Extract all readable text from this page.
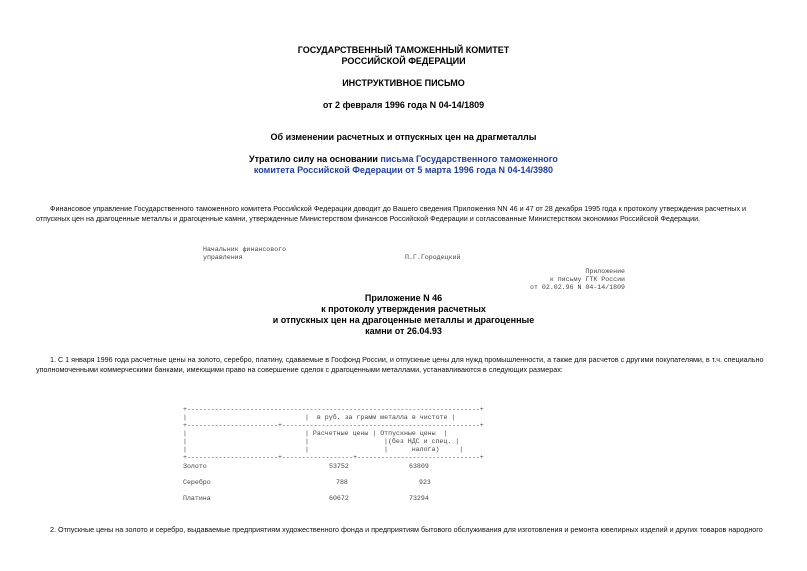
ГОСУДАРСТВЕННЫЙ ТАМОЖЕННЫЙ КОМИТЕТ
РОССИЙСКОЙ ФЕДЕРАЦИИ
ИНСТРУКТИВНОЕ ПИСЬМО
от 2 февраля 1996 года N 04-14/1809
Об изменении расчетных и отпускных цен на драгметаллы
Утратило силу на основании письма Государственного таможенного
комитета Российской Федерации от 5 марта 1996 года N 04-14/3980
Финансовое управление Государственного таможенного комитета Российской Федерации доводит до Вашего сведения Приложения NN 46 и 47 от 28 декабря 1995 года к протоколу утверждения расчетных и
отпускных цен на драгоценные металлы и драгоценные камни, утвержденные Министерством финансов Российской Федерации и согласованные Министерством экономики Российской Федерации.
Начальник финансового
управления	П.Г.Городецкий
Приложение
к письму ГТК России
от 02.02.96 N 04-14/1809
Приложение N 46
к протоколу утверждения расчетных
и отпускных цен на драгоценные металлы и драгоценные
камни от 26.04.93
1. С 1 января 1996 года расчетные цены на золото, серебро, платину, сдаваемые в Госфонд России, и отпускные цены для нужд промышленности, а также для расчетов с другими покупателями, в т.ч. специально
уполномоченными коммерческими банками, имеющими право на совершение сделок с драгоценными металлами, устанавливаются в следующих размерах:
+--------------------------------------------------------------------------+
|	|  в руб. за грамм металла в чистоте |
+-----------------------+--------------------------------------------------+
|	| Расчетные цены | Отпускные цены  |
|	|	|(без НДС и спец. |
|	|	|      налога)     |
+-----------------------+------------------+-------------------------------+
Золото	53752	63809
Серебро	788	923
Платина	60672	73294
2. Отпускные цены на золото и серебро, выдаваемые предприятиям художественного фонда и предприятиям бытового обслуживания для изготовления и ремонта ювелирных изделий и других товаров народного
